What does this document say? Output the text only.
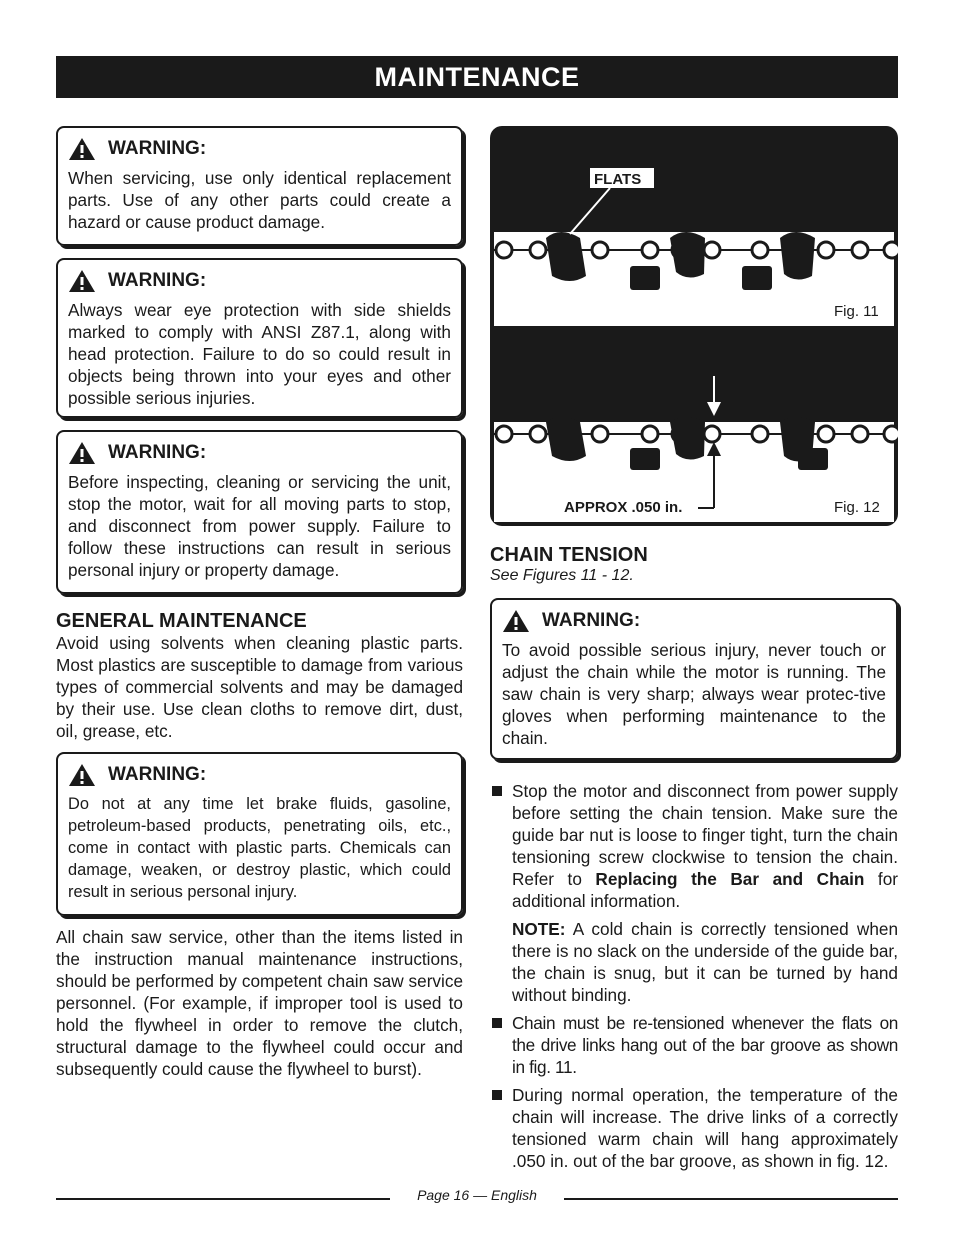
MAINTENANCE
WARNING:

When servicing, use only identical replacement parts. Use of any other parts could create a hazard or cause product damage.

WARNING:

Always wear eye protection with side shields marked to comply with ANSI Z87.1, along with head protection. Failure to do so could result in objects being thrown into your eyes and other possible serious injuries.

WARNING:

Before inspecting, cleaning or servicing the unit, stop the motor, wait for all moving parts to stop, and disconnect from power supply. Failure to follow these instructions can result in serious personal injury or property damage.

GENERAL MAINTENANCE

Avoid using solvents when cleaning plastic parts. Most plastics are susceptible to damage from various types of commercial solvents and may be damaged by their use. Use clean cloths to remove dirt, dust, oil, grease, etc.

WARNING:

Do not at any time let brake fluids, gasoline, petroleum-based products, penetrating oils, etc., come in contact with plastic parts. Chemicals can damage, weaken, or destroy plastic, which could result in serious personal injury.

All chain saw service, other than the items listed in the instruction manual maintenance instructions, should be performed by competent chain saw service personnel. (For example, if improper tool is used to hold the flywheel in order to remove the clutch, structural damage to the flywheel could occur and subsequently could cause the flywheel to burst).

FLATS
Fig. 11
APPROX .050 in.	Fig. 12
CHAIN TENSION
See Figures 11 - 12.
WARNING:

To avoid possible serious injury, never touch or adjust the chain while the motor is running. The saw chain is very sharp; always wear protec-tive gloves when performing maintenance to the chain.

Stop the motor and disconnect from power supply before setting the chain tension. Make sure the guide bar nut is loose to finger tight, turn the chain tensioning screw clockwise to tension the chain. Refer to Replacing the Bar and Chain for additional information.
NOTE: A cold chain is correctly tensioned when there is no slack on the underside of the guide bar, the chain is snug, but it can be turned by hand without binding.
Chain must be re-tensioned whenever the flats on the drive links hang out of the bar groove as shown in fig. 11.
During normal operation, the temperature of the chain will increase. The drive links of a correctly tensioned warm chain will hang approximately .050 in. out of the bar groove, as shown in fig. 12.
Page 16 — English
